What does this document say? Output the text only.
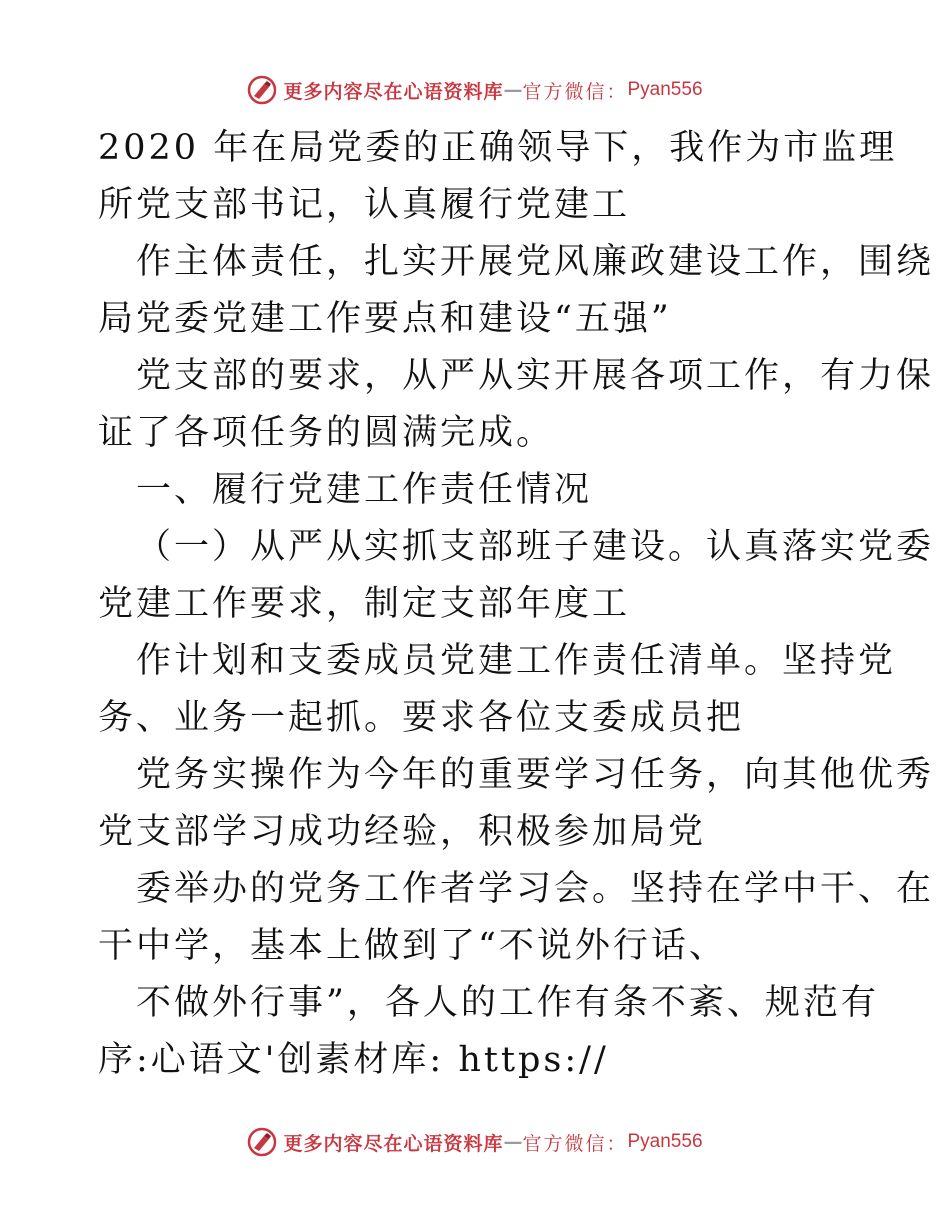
更多内容尽在心语资料库 — 官方微信： Pyan556
2020 年在局党委的正确领导下，我作为市监理
所党支部书记，认真履行党建工
作主体责任，扎实开展党风廉政建设工作，围绕
局党委党建工作要点和建设“五强”
党支部的要求，从严从实开展各项工作，有力保
证了各项任务的圆满完成。
一、履行党建工作责任情况
（一）从严从实抓支部班子建设。认真落实党委
党建工作要求，制定支部年度工
作计划和支委成员党建工作责任清单。坚持党
务、业务一起抓。要求各位支委成员把
党务实操作为今年的重要学习任务，向其他优秀
党支部学习成功经验，积极参加局党
委举办的党务工作者学习会。坚持在学中干、在
干中学，基本上做到了“不说外行话、
不做外行事”，各人的工作有条不紊、规范有
序:心语文'创素材库: https://
更多内容尽在心语资料库 — 官方微信： Pyan556
